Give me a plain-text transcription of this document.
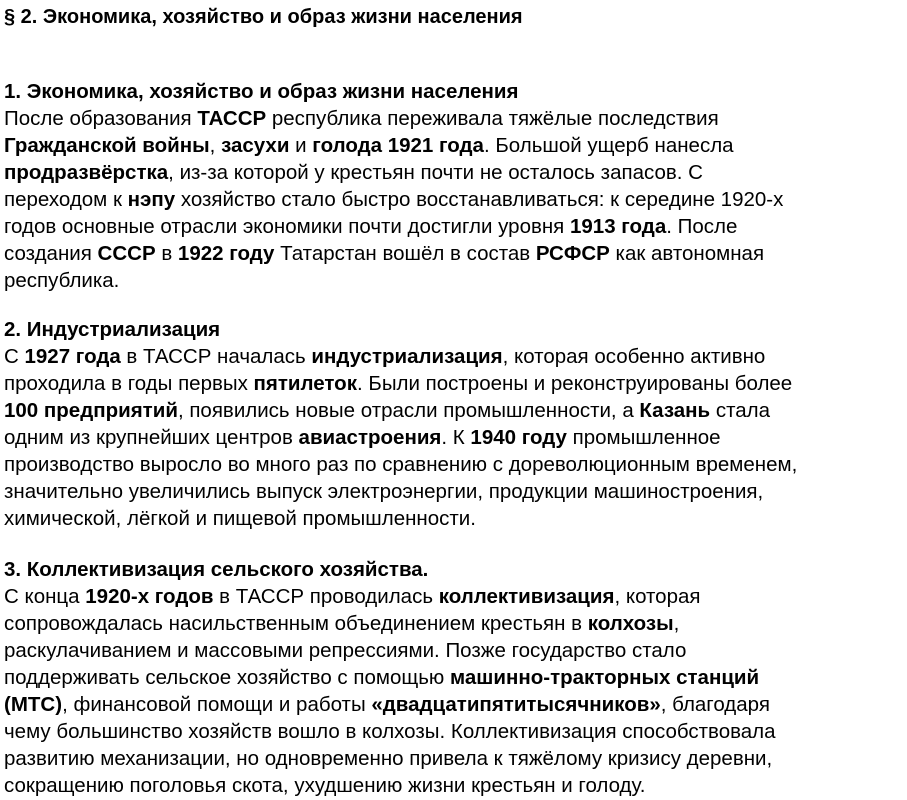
§ 2. Экономика, хозяйство и образ жизни населения
1. Экономика, хозяйство и образ жизни населения
После образования ТАССР республика переживала тяжёлые последствия
Гражданской войны, засухи и голода 1921 года. Большой ущерб нанесла
продразвёрстка, из-за которой у крестьян почти не осталось запасов. С
переходом к нэпу хозяйство стало быстро восстанавливаться: к середине 1920-х
годов основные отрасли экономики почти достигли уровня 1913 года. После
создания СССР в 1922 году Татарстан вошёл в состав РСФСР как автономная
республика.
2. Индустриализация
С 1927 года в ТАССР началась индустриализация, которая особенно активно
проходила в годы первых пятилеток. Были построены и реконструированы более
100 предприятий, появились новые отрасли промышленности, а Казань стала
одним из крупнейших центров авиастроения. К 1940 году промышленное
производство выросло во много раз по сравнению с дореволюционным временем,
значительно увеличились выпуск электроэнергии, продукции машиностроения,
химической, лёгкой и пищевой промышленности.
3. Коллективизация сельского хозяйства.
С конца 1920-х годов в ТАССР проводилась коллективизация, которая
сопровождалась насильственным объединением крестьян в колхозы,
раскулачиванием и массовыми репрессиями. Позже государство стало
поддерживать сельское хозяйство с помощью машинно-тракторных станций
(МТС), финансовой помощи и работы «двадцатипятитысячников», благодаря
чему большинство хозяйств вошло в колхозы. Коллективизация способствовала
развитию механизации, но одновременно привела к тяжёлому кризису деревни,
сокращению поголовья скота, ухудшению жизни крестьян и голоду.
